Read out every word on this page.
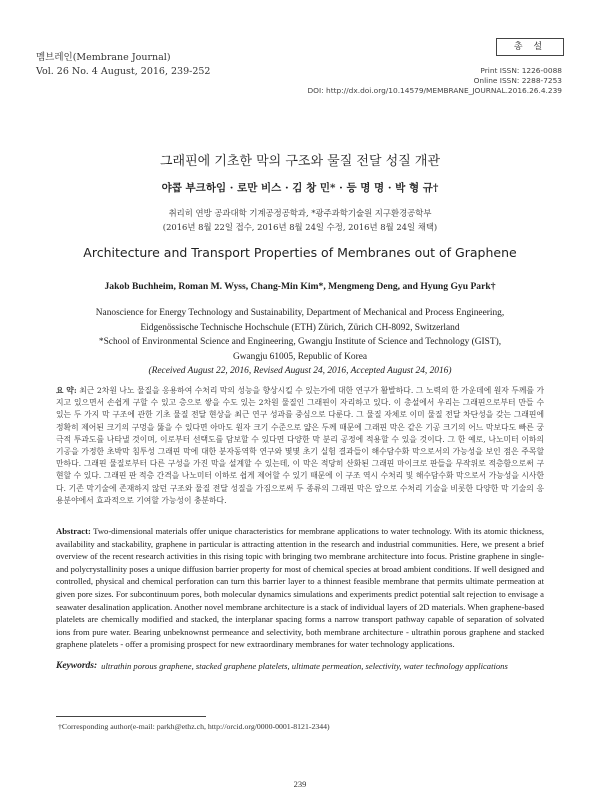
멤브레인(Membrane Journal)
Vol. 26 No. 4 August, 2016, 239-252
총 설
Print ISSN: 1226-0088
Online ISSN: 2288-7253
DOI: http://dx.doi.org/10.14579/MEMBRANE_JOURNAL.2016.26.4.239
그래핀에 기초한 막의 구조와 물질 전달 성질 개관
야콥 부크하임 · 로만 비스 · 김 창 민* · 등 명 명 · 박 형 규†
취리히 연방 공과대학 기계공정공학과, *광주과학기술원 지구환경공학부
(2016년 8월 22일 접수, 2016년 8월 24일 수정, 2016년 8월 24일 채택)
Architecture and Transport Properties of Membranes out of Graphene
Jakob Buchheim, Roman M. Wyss, Chang-Min Kim*, Mengmeng Deng, and Hyung Gyu Park†
Nanoscience for Energy Technology and Sustainability, Department of Mechanical and Process Engineering,
Eidgenössische Technische Hochschule (ETH) Zürich, Zürich CH-8092, Switzerland
*School of Environmental Science and Engineering, Gwangju Institute of Science and Technology (GIST),
Gwangju 61005, Republic of Korea
(Received August 22, 2016, Revised August 24, 2016, Accepted August 24, 2016)
요 약: 최근 2차원 나노 물질을 응용하여 수처리 막의 성능을 향상시킬 수 있는가에 대한 연구가 활발하다. 그 노력의 한 가운데에 원자 두께를 가지고 있으면서 손쉽게 구할 수 있고 층으로 쌓을 수도 있는 2차원 물질인 그래핀이 자리하고 있다. 이 총설에서 우리는 그래핀으로부터 만들 수 있는 두 가지 막 구조에 관한 기초 물질 전달 현상을 최근 연구 성과를 중심으로 다룬다. 그 물질 자체로 이미 물질 전달 차단성을 갖는 그래핀에 정확히 제어된 크기의 구멍을 뚫을 수 있다면 아마도 원자 크기 수준으로 얇은 두께 때문에 그래핀 막은 같은 기공 크기의 어느 막보다도 빠른 궁극적 투과도를 나타낼 것이며, 이로부터 선택도를 담보할 수 있다면 다양한 막 분리 공정에 적용할 수 있을 것이다. 그 한 예로, 나노미터 이하의 기공을 가정한 초박막 침투성 그래핀 막에 대한 분자동역학 연구와 몇몇 초기 실험 결과들이 해수담수화 막으로서의 가능성을 보인 점은 주목할 만하다. 그래핀 물질로부터 다른 구성을 가진 막을 설계할 수 있는데, 이 막은 적당히 산화된 그래핀 마이크로 판들을 무작위로 적층함으로써 구현할 수 있다. 그래핀 판 적층 간격을 나노미터 이하로 쉽게 제어할 수 있기 때문에 이 구조 역시 수처리 및 해수담수화 막으로서 가능성을 시사한다. 기존 막기술에 존재하지 않던 구조와 물질 전달 성질을 가짐으로써 두 종류의 그래핀 막은 앞으로 수처리 기술을 비롯한 다양한 막 기술의 응용분야에서 효과적으로 기여할 가능성이 충분하다.
Abstract: Two-dimensional materials offer unique characteristics for membrane applications to water technology. With its atomic thickness, availability and stackability, graphene in particular is attracting attention in the research and industrial communities. Here, we present a brief overview of the recent research activities in this rising topic with bringing two membrane architecture into focus. Pristine graphene in single- and polycrystallinity poses a unique diffusion barrier property for most of chemical species at broad ambient conditions. If well designed and controlled, physical and chemical perforation can turn this barrier layer to a thinnest feasible membrane that permits ultimate permeation at given pore sizes. For subcontinuum pores, both molecular dynamics simulations and experiments predict potential salt rejection to envisage a seawater desalination application. Another novel membrane architecture is a stack of individual layers of 2D materials. When graphene-based platelets are chemically modified and stacked, the interplanar spacing forms a narrow transport pathway capable of separation of solvated ions from pure water. Bearing unbeknownst permeance and selectivity, both membrane architecture - ultrathin porous graphene and stacked graphene platelets - offer a promising prospect for new extraordinary membranes for water technology applications.
Keywords: ultrathin porous graphene, stacked graphene platelets, ultimate permeation, selectivity, water technology applications
†Corresponding author(e-mail: parkh@ethz.ch, http://orcid.org/0000-0001-8121-2344)
239
